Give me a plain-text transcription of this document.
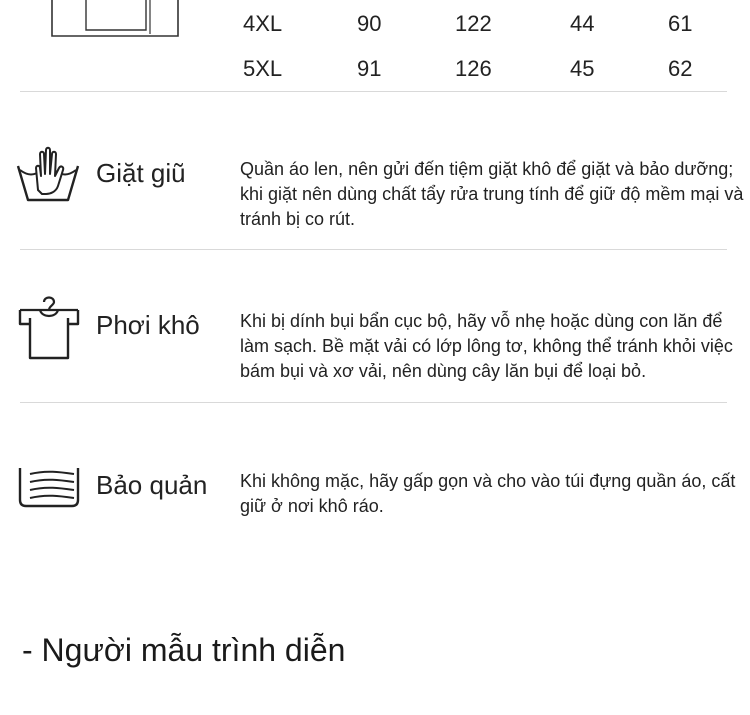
4XL	90	122	44	61
5XL	91	126	45	62
Giặt giũ	Quần áo len, nên gửi đến tiệm giặt khô để giặt và bảo dưỡng; khi giặt nên dùng chất tẩy rửa trung tính để giữ độ mềm mại và tránh bị co rút.
Phơi khô Khi bị dính bụi bẩn cục bộ, hãy vỗ nhẹ hoặc dùng con lăn để làm sạch. Bề mặt vải có lớp lông tơ, không thể tránh khỏi việc bám bụi và xơ vải, nên dùng cây lăn bụi để loại bỏ.
Bảo quản Khi không mặc, hãy gấp gọn và cho vào túi đựng quần áo, cất giữ ở nơi khô ráo.
- Người mẫu trình diễn
